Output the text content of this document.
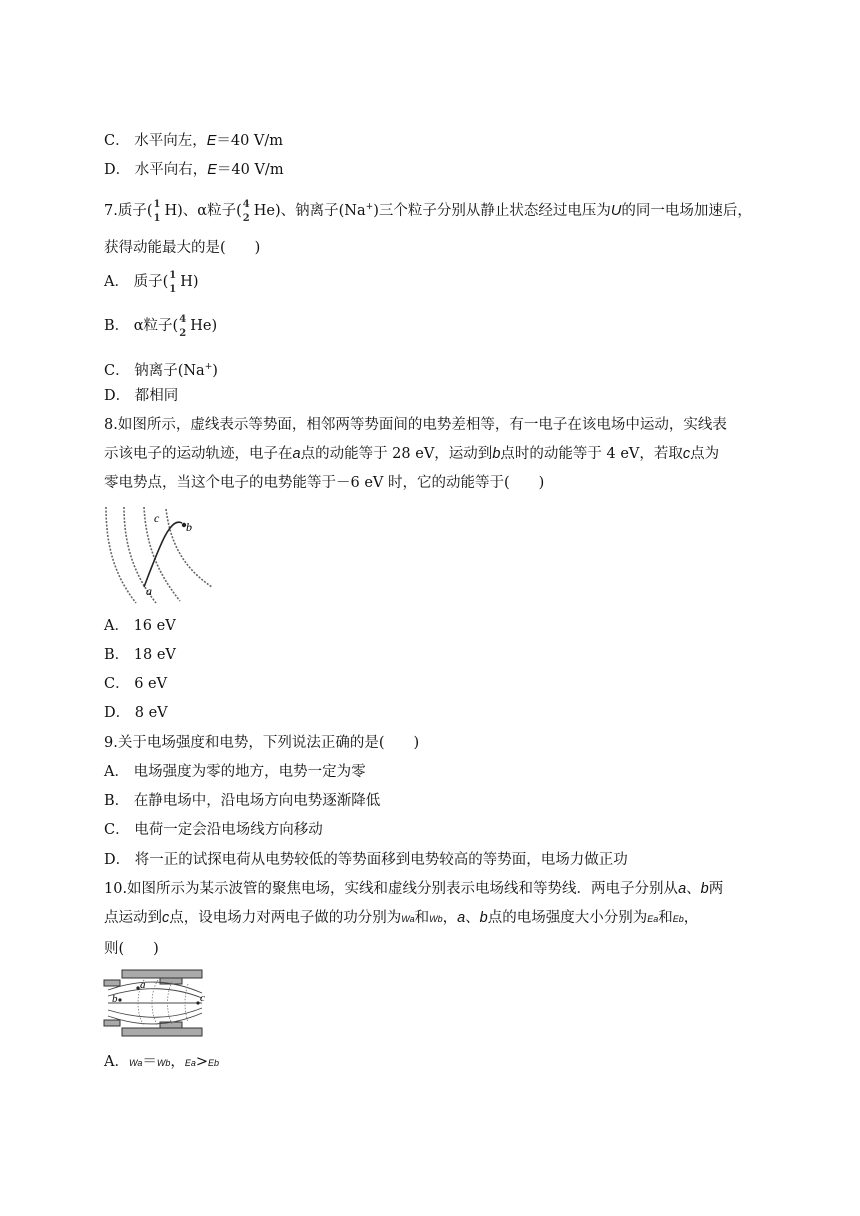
C． 水平向左，E＝40 V/m
D． 水平向右，E＝40 V/m
7.质子( 1
1 H)、α粒子( 4
2 He)、钠离子(Na+)三个粒子分别从静止状态经过电压为U的同一电场加速后，
获得动能最大的是(　　)
A． 质子( 1
1 H)
B． α粒子( 4
2 He)
C． 钠离子(Na+)
D． 都相同
8.如图所示，虚线表示等势面，相邻两等势面间的电势差相等，有一电子在该电场中运动，实线表
示该电子的运动轨迹，电子在a点的动能等于 28 eV，运动到b点时的动能等于 4 eV，若取c点为
零电势点，当这个电子的电势能等于－6 eV 时，它的动能等于(　　)
a
c
b
A． 16 eV
B． 18 eV
C． 6 eV
D． 8 eV
9.关于电场强度和电势，下列说法正确的是(　　)
A． 电场强度为零的地方，电势一定为零
B． 在静电场中，沿电场方向电势逐渐降低
C． 电荷一定会沿电场线方向移动
D． 将一正的试探电荷从电势较低的等势面移到电势较高的等势面，电场力做正功
10.如图所示为某示波管的聚焦电场，实线和虚线分别表示电场线和等势线．两电子分别从a、b两
点运动到c点，设电场力对两电子做的功分别为Wa和Wb，a、b点的电场强度大小分别为Ea和Eb，
则(　　)
a
b	c
A．Wa＝Wb，Ea>Eb
